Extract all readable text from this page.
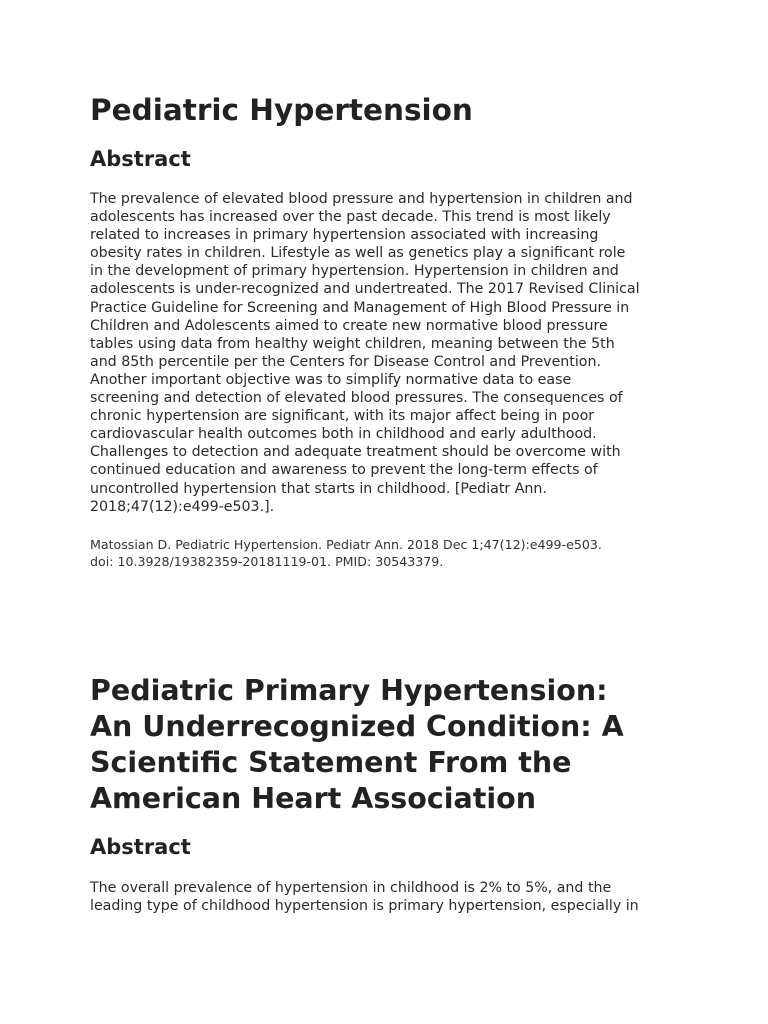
Pediatric Hypertension
Abstract

The prevalence of elevated blood pressure and hypertension in children and
adolescents has increased over the past decade. This trend is most likely
related to increases in primary hypertension associated with increasing
obesity rates in children. Lifestyle as well as genetics play a significant role
in the development of primary hypertension. Hypertension in children and
adolescents is under-recognized and undertreated. The 2017 Revised Clinical
Practice Guideline for Screening and Management of High Blood Pressure in
Children and Adolescents aimed to create new normative blood pressure
tables using data from healthy weight children, meaning between the 5th
and 85th percentile per the Centers for Disease Control and Prevention.
Another important objective was to simplify normative data to ease
screening and detection of elevated blood pressures. The consequences of
chronic hypertension are significant, with its major affect being in poor
cardiovascular health outcomes both in childhood and early adulthood.
Challenges to detection and adequate treatment should be overcome with
continued education and awareness to prevent the long-term effects of
uncontrolled hypertension that starts in childhood. [Pediatr Ann.
2018;47(12):e499-e503.].

Matossian D. Pediatric Hypertension. Pediatr Ann. 2018 Dec 1;47(12):e499-e503.
doi: 10.3928/19382359-20181119-01. PMID: 30543379.

Pediatric Primary Hypertension:
An Underrecognized Condition: A
Scientific Statement From the
American Heart Association
Abstract

The overall prevalence of hypertension in childhood is 2% to 5%, and the
leading type of childhood hypertension is primary hypertension, especially in
